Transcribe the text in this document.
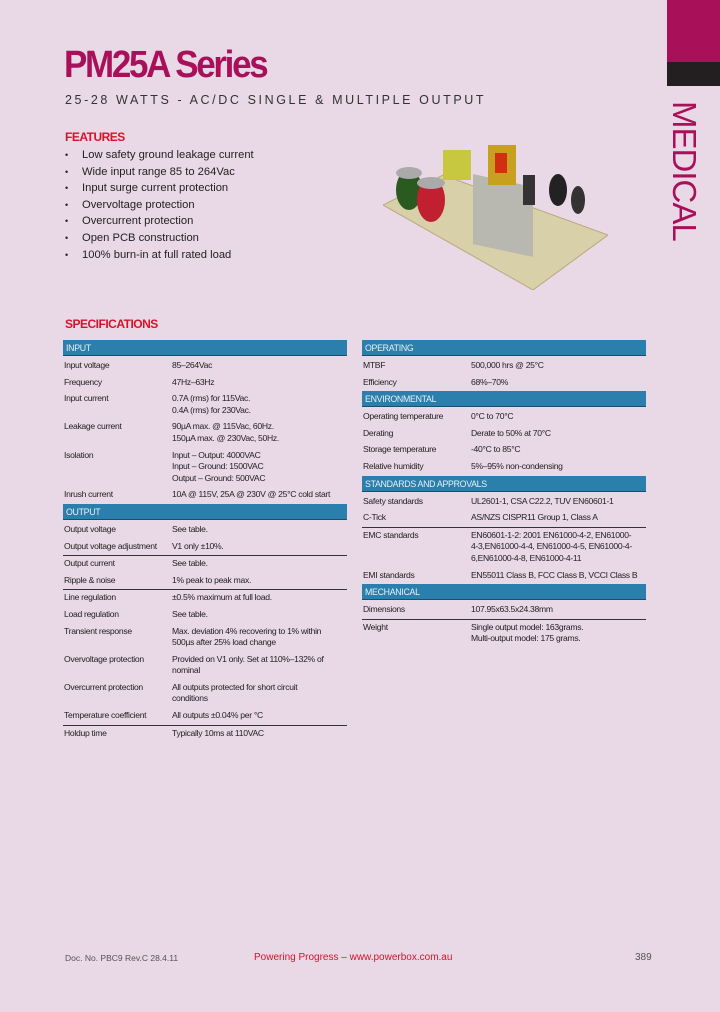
MEDICAL
PM25A Series
25-28 WATTS - AC/DC SINGLE & MULTIPLE OUTPUT
FEATURES
•	Low safety ground leakage current
•	Wide input range 85 to 264Vac
•	Input surge current protection
•	Overvoltage protection
•	Overcurrent protection
•	Open PCB construction
•	100% burn-in at full rated load
SPECIFICATIONS
INPUT
Input voltage	85–264Vac
Frequency	47Hz–63Hz
Input current	0.7A (rms) for 115Vac.
0.4A (rms) for 230Vac.
Leakage current	90µA max. @ 115Vac, 60Hz.
150µA max. @ 230Vac, 50Hz.
Isolation	Input – Output: 4000VAC
Input – Ground: 1500VAC
Output – Ground: 500VAC
Inrush current	10A @ 115V, 25A @ 230V @ 25°C cold start
OUTPUT
Output voltage	See table.
Output voltage adjustment	V1 only ±10%.
Output current	See table.
Ripple & noise	1% peak to peak max.
Line regulation	±0.5% maximum at full load.
Load regulation	See table.
Transient response	Max. deviation 4% recovering to 1% within
500µs after 25% load change
Overvoltage protection	Provided on V1 only. Set at 110%–132% of
nominal
Overcurrent protection	All outputs protected for short circuit
conditions
Temperature coefficient	All outputs ±0.04% per °C
Holdup time	Typically 10ms at 110VAC
OPERATING
MTBF	500,000 hrs @ 25°C
Efficiency	68%–70%
ENVIRONMENTAL
Operating temperature	0°C to 70°C
Derating	Derate to 50% at 70°C
Storage temperature	-40°C to 85°C
Relative humidity	5%–95% non-condensing
STANDARDS AND APPROVALS
Safety standards	UL2601-1, CSA C22.2, TUV EN60601-1
C-Tick	AS/NZS CISPR11 Group 1, Class A
EMC standards	EN60601-1-2: 2001 EN61000-4-2, EN61000-
4-3,EN61000-4-4, EN61000-4-5, EN61000-4-
6,EN61000-4-8, EN61000-4-11
EMI standards	EN55011 Class B, FCC Class B, VCCI Class B
MECHANICAL
Dimensions	107.95x63.5x24.38mm
Weight	Single output model: 163grams.
Multi-output model: 175 grams.
Doc. No. PBC9 Rev.C 28.4.11	Powering Progress – www.powerbox.com.au	389
